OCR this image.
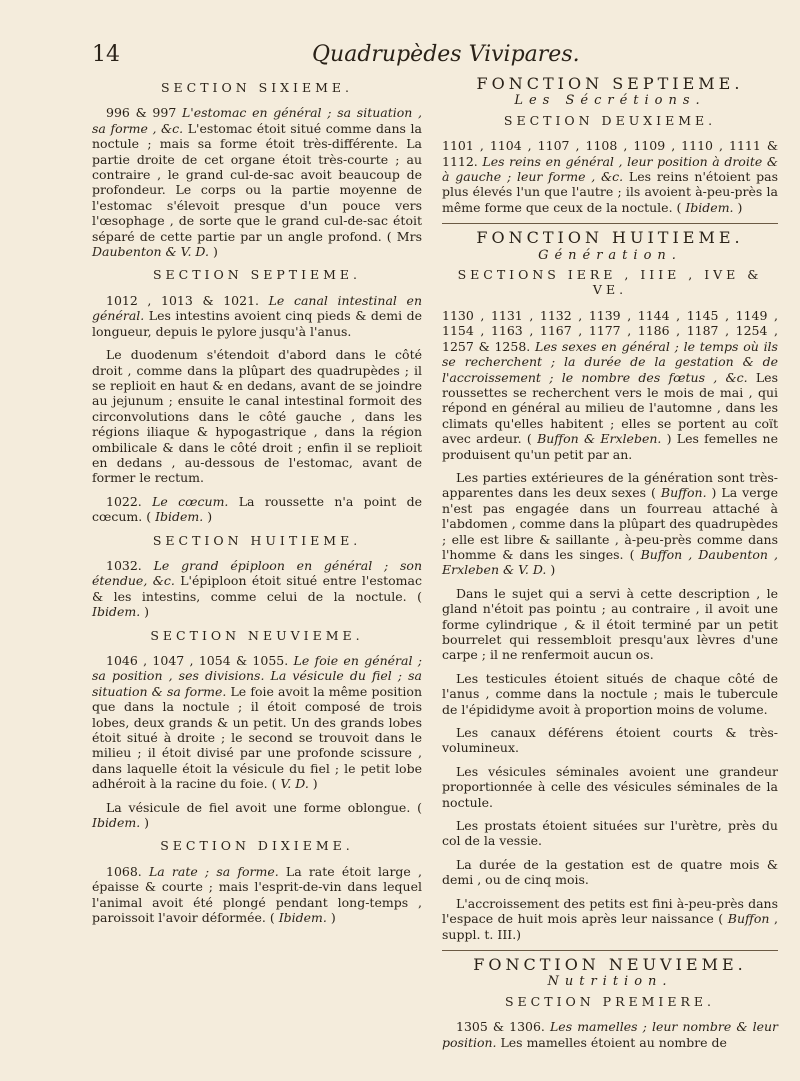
14	Quadrupèdes Vivipares.
SECTION SIXIEME.

996 & 997 L'estomac en général ; sa situation , sa forme , &c. L'estomac étoit situé comme dans la noctule ; mais sa forme étoit très-différente. La partie droite de cet organe étoit très-courte ; au contraire , le grand cul-de-sac avoit beaucoup de profondeur. Le corps ou la partie moyenne de l'estomac s'élevoit presque d'un pouce vers l'œsophage , de sorte que le grand cul-de-sac étoit séparé de cette partie par un angle profond. ( Mrs Daubenton & V. D. )

SECTION SEPTIEME.

1012 , 1013 & 1021. Le canal intestinal en général. Les intestins avoient cinq pieds & demi de longueur, depuis le pylore jusqu'à l'anus.

Le duodenum s'étendoit d'abord dans le côté droit , comme dans la plûpart des quadrupèdes ; il se replioit en haut & en dedans, avant de se joindre au jejunum ; ensuite le canal intestinal formoit des circonvolutions dans le côté gauche , dans les régions iliaque & hypogastrique , dans la région ombilicale & dans le côté droit ; enfin il se replioit en dedans , au-dessous de l'estomac, avant de former le rectum.

1022. Le cœcum. La roussette n'a point de cœcum. ( Ibidem. )

SECTION HUITIEME.

1032. Le grand épiploon en général ; son étendue, &c. L'épiploon étoit situé entre l'estomac & les intestins, comme celui de la noctule. ( Ibidem. )

SECTION NEUVIEME.

1046 , 1047 , 1054 & 1055. Le foie en général ; sa position , ses divisions. La vésicule du fiel ; sa situation & sa forme. Le foie avoit la même position que dans la noctule ; il étoit composé de trois lobes, deux grands & un petit. Un des grands lobes étoit situé à droite ; le second se trouvoit dans le milieu ; il étoit divisé par une profonde scissure , dans laquelle étoit la vésicule du fiel ; le petit lobe adhéroit à la racine du foie. ( V. D. )

La vésicule de fiel avoit une forme oblongue. ( Ibidem. )

SECTION DIXIEME.

1068. La rate ; sa forme. La rate étoit large , épaisse & courte ; mais l'esprit-de-vin dans lequel l'animal avoit été plongé pendant long-temps , paroissoit l'avoir déformée. ( Ibidem. )

FONCTION SEPTIEME.
Les Sécrétions.
SECTION DEUXIEME.

1101 , 1104 , 1107 , 1108 , 1109 , 1110 , 1111 & 1112. Les reins en général , leur position à droite & à gauche ; leur forme , &c. Les reins n'étoient pas plus élevés l'un que l'autre ; ils avoient à-peu-près la même forme que ceux de la noctule. ( Ibidem. )

FONCTION HUITIEME.
Génération.
SECTIONS IERE , IIIE , IVE & VE.

1130 , 1131 , 1132 , 1139 , 1144 , 1145 , 1149 , 1154 , 1163 , 1167 , 1177 , 1186 , 1187 , 1254 , 1257 & 1258. Les sexes en général ; le temps où ils se recherchent ; la durée de la gestation & de l'accroissement ; le nombre des fœtus , &c. Les roussettes se recherchent vers le mois de mai , qui répond en général au milieu de l'automne , dans les climats qu'elles habitent ; elles se portent au coït avec ardeur. ( Buffon & Erxleben. ) Les femelles ne produisent qu'un petit par an.

Les parties extérieures de la génération sont très-apparentes dans les deux sexes ( Buffon. ) La verge n'est pas engagée dans un fourreau attaché à l'abdomen , comme dans la plûpart des quadrupèdes ; elle est libre & saillante , à-peu-près comme dans l'homme & dans les singes. ( Buffon , Daubenton , Erxleben & V. D. )

Dans le sujet qui a servi à cette description , le gland n'étoit pas pointu ; au contraire , il avoit une forme cylindrique , & il étoit terminé par un petit bourrelet qui ressembloit presqu'aux lèvres d'une carpe ; il ne renfermoit aucun os.

Les testicules étoient situés de chaque côté de l'anus , comme dans la noctule ; mais le tubercule de l'épididyme avoit à proportion moins de volume.

Les canaux déférens étoient courts & très-volumineux.

Les vésicules séminales avoient une grandeur proportionnée à celle des vésicules séminales de la noctule.

Les prostats étoient situées sur l'urètre, près du col de la vessie.

La durée de la gestation est de quatre mois & demi , ou de cinq mois.

L'accroissement des petits est fini à-peu-près dans l'espace de huit mois après leur naissance ( Buffon , suppl. t. III.)

FONCTION NEUVIEME.
Nutrition.
SECTION PREMIERE.

1305 & 1306. Les mamelles ; leur nombre & leur position. Les mamelles étoient au nombre de
